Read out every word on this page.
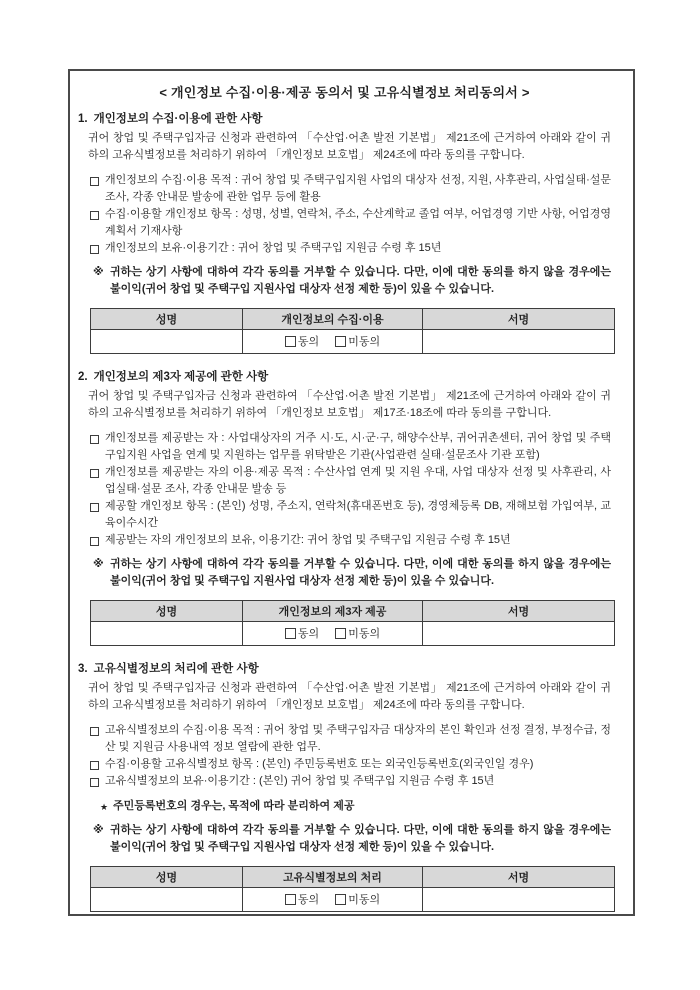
< 개인정보 수집·이용·제공 동의서 및 고유식별정보 처리동의서 >
1. 개인정보의 수집·이용에 관한 사항
귀어 창업 및 주택구입자금 신청과 관련하여 「수산업·어촌 발전 기본법」 제21조에 근거하여 아래와 같이 귀하의 고유식별정보를 처리하기 위하여 「개인정보 보호법」 제24조에 따라 동의를 구합니다.
개인정보의 수집·이용 목적 : 귀어 창업 및 주택구입지원 사업의 대상자 선정, 지원, 사후관리, 사업실태·설문 조사, 각종 안내문 발송에 관한 업무 등에 활용
수집·이용할 개인정보 항목 : 성명, 성별, 연락처, 주소, 수산계학교 졸업 여부, 어업경영 기반 사항, 어업경영계획서 기재사항
개인정보의 보유·이용기간 : 귀어 창업 및 주택구입 지원금 수령 후 15년
※ 귀하는 상기 사항에 대하여 각각 동의를 거부할 수 있습니다. 다만, 이에 대한 동의를 하지 않을 경우에는 불이익(귀어 창업 및 주택구입 지원사업 대상자 선정 제한 등)이 있을 수 있습니다.
성명	개인정보의 수집·이용	서명

	동의 미동의	

2. 개인정보의 제3자 제공에 관한 사항
귀어 창업 및 주택구입자금 신청과 관련하여 「수산업·어촌 발전 기본법」 제21조에 근거하여 아래와 같이 귀하의 고유식별정보를 처리하기 위하여 「개인정보 보호법」 제17조·18조에 따라 동의를 구합니다.
개인정보를 제공받는 자 : 사업대상자의 거주 시·도, 시·군·구, 해양수산부, 귀어귀촌센터, 귀어 창업 및 주택구입지원 사업을 연계 및 지원하는 업무를 위탁받은 기관(사업관련 실태·설문조사 기관 포함)
개인정보를 제공받는 자의 이용·제공 목적 : 수산사업 연계 및 지원 우대, 사업 대상자 선정 및 사후관리, 사업실태·설문 조사, 각종 안내문 발송 등
제공할 개인정보 항목 : (본인) 성명, 주소지, 연락처(휴대폰번호 등), 경영체등록 DB, 재해보험 가입여부, 교육이수시간
제공받는 자의 개인정보의 보유, 이용기간: 귀어 창업 및 주택구입 지원금 수령 후 15년
※ 귀하는 상기 사항에 대하여 각각 동의를 거부할 수 있습니다. 다만, 이에 대한 동의를 하지 않을 경우에는 불이익(귀어 창업 및 주택구입 지원사업 대상자 선정 제한 등)이 있을 수 있습니다.
성명	개인정보의 제3자 제공	서명

	동의 미동의	

3. 고유식별정보의 처리에 관한 사항
귀어 창업 및 주택구입자금 신청과 관련하여 「수산업·어촌 발전 기본법」 제21조에 근거하여 아래와 같이 귀하의 고유식별정보를 처리하기 위하여 「개인정보 보호법」 제24조에 따라 동의를 구합니다.
고유식별정보의 수집·이용 목적 : 귀어 창업 및 주택구입자금 대상자의 본인 확인과 선정 결정, 부정수급, 정산 및 지원금 사용내역 정보 열람에 관한 업무.
수집·이용할 고유식별정보 항목 : (본인) 주민등록번호 또는 외국인등록번호(외국인일 경우)
고유식별정보의 보유·이용기간 : (본인) 귀어 창업 및 주택구입 지원금 수령 후 15년
★ 주민등록번호의 경우는, 목적에 따라 분리하여 제공
※ 귀하는 상기 사항에 대하여 각각 동의를 거부할 수 있습니다. 다만, 이에 대한 동의를 하지 않을 경우에는 불이익(귀어 창업 및 주택구입 지원사업 대상자 선정 제한 등)이 있을 수 있습니다.
성명	고유식별정보의 처리	서명

	동의 미동의	
